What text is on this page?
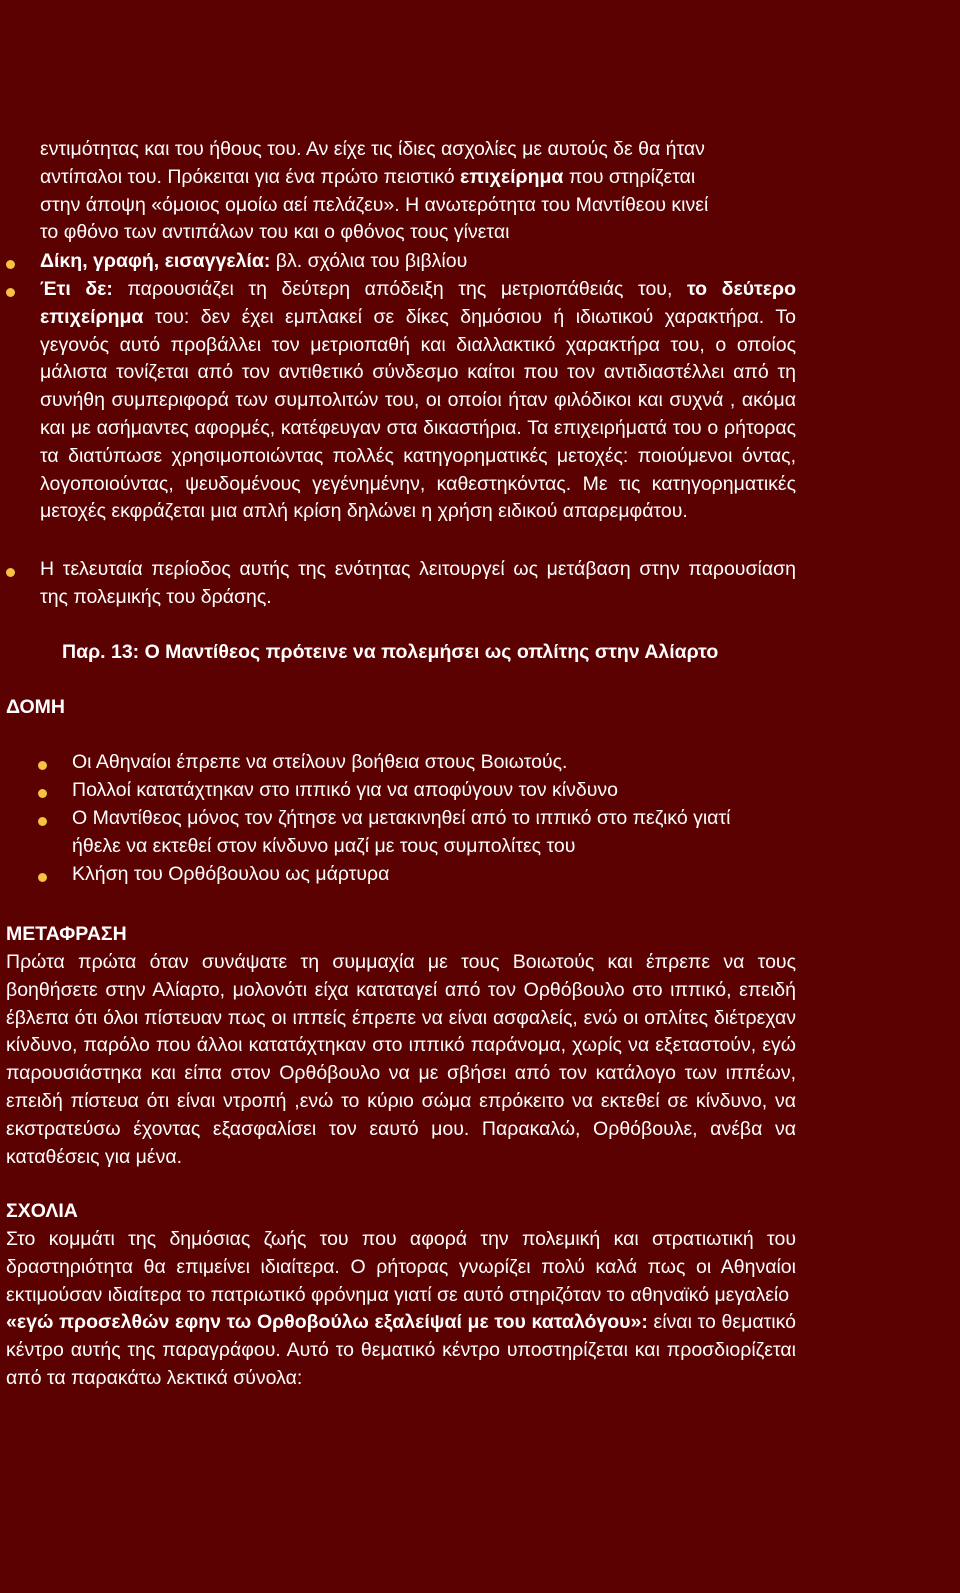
εντιμότητας και του ήθους του. Αν είχε τις ίδιες ασχολίες με αυτούς δε θα ήταν

αντίπαλοι του. Πρόκειται για ένα πρώτο πειστικό επιχείρημα που στηρίζεται

στην άποψη «όμοιος ομοίω αεί πελάζευ». Η ανωτερότητα του Μαντίθεου κινεί

το φθόνο των αντιπάλων του και ο φθόνος τους γίνεται

Δίκη, γραφή, εισαγγελία: βλ. σχόλια του βιβλίου

Έτι δε: παρουσιάζει τη δεύτερη απόδειξη της μετριοπάθειάς του, το δεύτερο επιχείρημα του: δεν έχει εμπλακεί σε δίκες δημόσιου ή ιδιωτικού χαρακτήρα. Το γεγονός αυτό προβάλλει τον μετριοπαθή και διαλλακτικό χαρακτήρα του, ο οποίος μάλιστα τονίζεται από τον αντιθετικό σύνδεσμο καίτοι που τον αντιδιαστέλλει από τη συνήθη συμπεριφορά των συμπολιτών του, οι οποίοι ήταν φιλόδικοι και συχνά , ακόμα και με ασήμαντες αφορμές, κατέφευγαν στα δικαστήρια. Τα επιχειρήματά του ο ρήτορας τα διατύπωσε χρησιμοποιώντας πολλές κατηγορηματικές μετοχές: ποιούμενοι όντας, λογοποιούντας, ψευδομένους γεγένημένην, καθεστηκόντας. Με τις κατηγορηματικές μετοχές εκφράζεται μια απλή κρίση δηλώνει η χρήση ειδικού απαρεμφάτου.

Η τελευταία περίοδος αυτής της ενότητας λειτουργεί ως μετάβαση στην παρουσίαση της πολεμικής του δράσης.

Παρ. 13: Ο Μαντίθεος πρότεινε να πολεμήσει ως οπλίτης στην Αλίαρτο

ΔΟΜΗ

Οι Αθηναίοι έπρεπε να στείλουν βοήθεια στους Βοιωτούς.

Πολλοί κατατάχτηκαν στο ιππικό για να αποφύγουν τον κίνδυνο

Ο Μαντίθεος μόνος τον ζήτησε να μετακινηθεί από το ιππικό στο πεζικό γιατί ήθελε να εκτεθεί στον κίνδυνο μαζί με τους συμπολίτες του

Κλήση του Ορθόβουλου ως μάρτυρα

ΜΕΤΑΦΡΑΣΗ

Πρώτα πρώτα όταν συνάψατε τη συμμαχία με τους Βοιωτούς και έπρεπε να τους βοηθήσετε στην Αλίαρτο, μολονότι είχα καταταγεί από τον Ορθόβουλο στο ιππικό, επειδή έβλεπα ότι όλοι πίστευαν πως οι ιππείς έπρεπε να είναι ασφαλείς, ενώ οι οπλίτες διέτρεχαν κίνδυνο, παρόλο που άλλοι κατατάχτηκαν στο ιππικό παράνομα, χωρίς να εξεταστούν, εγώ παρουσιάστηκα και είπα στον Ορθόβουλο να με σβήσει από τον κατάλογο των ιππέων, επειδή πίστευα ότι είναι ντροπή ,ενώ το κύριο σώμα επρόκειτο να εκτεθεί σε κίνδυνο, να εκστρατεύσω έχοντας εξασφαλίσει τον εαυτό μου. Παρακαλώ, Ορθόβουλε, ανέβα να καταθέσεις για μένα.

ΣΧΟΛΙΑ

Στο κομμάτι της δημόσιας ζωής του που αφορά την πολεμική και στρατιωτική του δραστηριότητα θα επιμείνει ιδιαίτερα. Ο ρήτορας γνωρίζει πολύ καλά πως οι Αθηναίοι εκτιμούσαν ιδιαίτερα το πατριωτικό φρόνημα γιατί σε αυτό στηριζόταν το αθηναϊκό μεγαλείο

«εγώ προσελθών εφην τω Ορθοβούλω εξαλείψαί με του καταλόγου»: είναι το θεματικό κέντρο αυτής της παραγράφου. Αυτό το θεματικό κέντρο υποστηρίζεται και προσδιορίζεται από τα παρακάτω λεκτικά σύνολα:
